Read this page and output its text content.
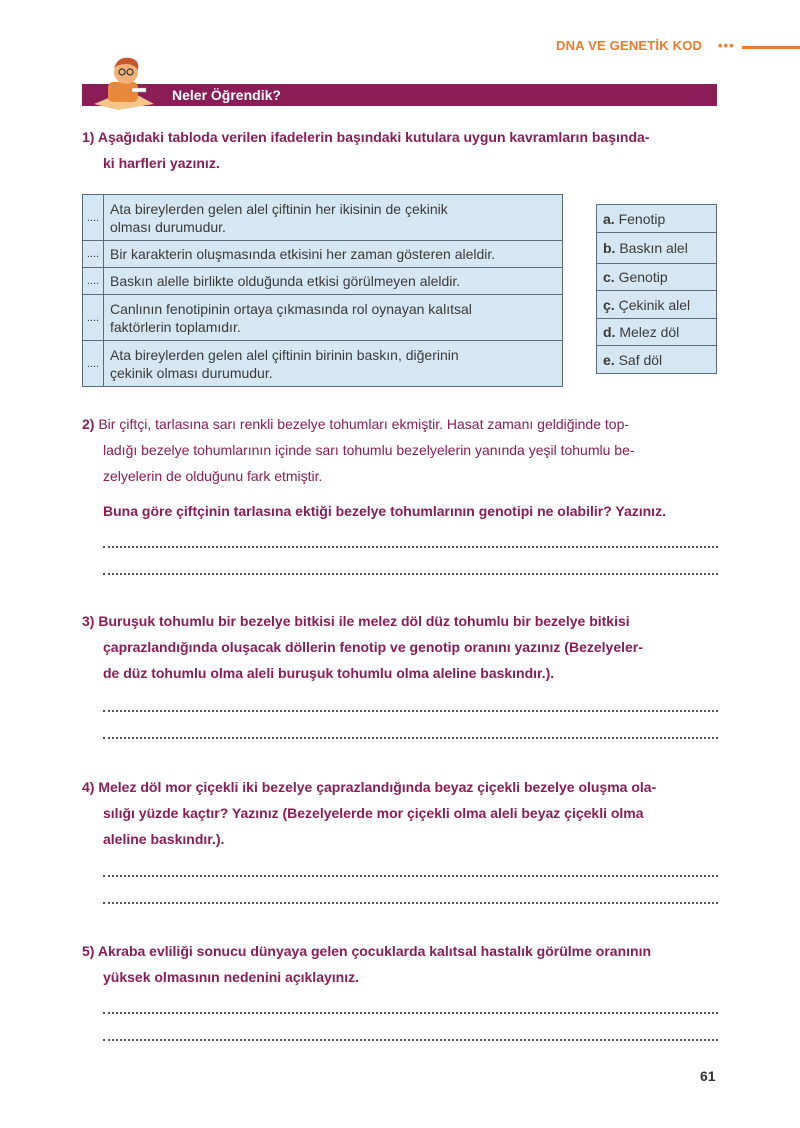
DNA VE GENETİK KOD •••
Neler Öğrendik?
1) Aşağıdaki tabloda verilen ifadelerin başındaki kutulara uygun kavramların başında-
ki harfleri yazınız.
....	Ata bireylerden gelen alel çiftinin her ikisinin de çekinik
olması durumudur.

....	Bir karakterin oluşmasında etkisini her zaman gösteren aleldir.
....	Baskın alelle birlikte olduğunda etkisi görülmeyen aleldir.
....	Canlının fenotipinin ortaya çıkmasında rol oynayan kalıtsal
faktörlerin toplamıdır.

....	Ata bireylerden gelen alel çiftinin birinin baskın, diğerinin
çekinik olması durumudur.
a. Fenotip
b. Baskın alel
c. Genotip
ç. Çekinik alel
d. Melez döl
e. Saf döl
2) Bir çiftçi, tarlasına sarı renkli bezelye tohumları ekmiştir. Hasat zamanı geldiğinde top-
ladığı bezelye tohumlarının içinde sarı tohumlu bezelyelerin yanında yeşil tohumlu be-
zelyelerin de olduğunu fark etmiştir.
Buna göre çiftçinin tarlasına ektiği bezelye tohumlarının genotipi ne olabilir? Yazınız.
3) Buruşuk tohumlu bir bezelye bitkisi ile melez döl düz tohumlu bir bezelye bitkisi
çaprazlandığında oluşacak döllerin fenotip ve genotip oranını yazınız (Bezelyeler-
de düz tohumlu olma aleli buruşuk tohumlu olma aleline baskındır.).
4) Melez döl mor çiçekli iki bezelye çaprazlandığında beyaz çiçekli bezelye oluşma ola-
sılığı yüzde kaçtır? Yazınız (Bezelyelerde mor çiçekli olma aleli beyaz çiçekli olma
aleline baskındır.).
5) Akraba evliliği sonucu dünyaya gelen çocuklarda kalıtsal hastalık görülme oranının
yüksek olmasının nedenini açıklayınız.
61
